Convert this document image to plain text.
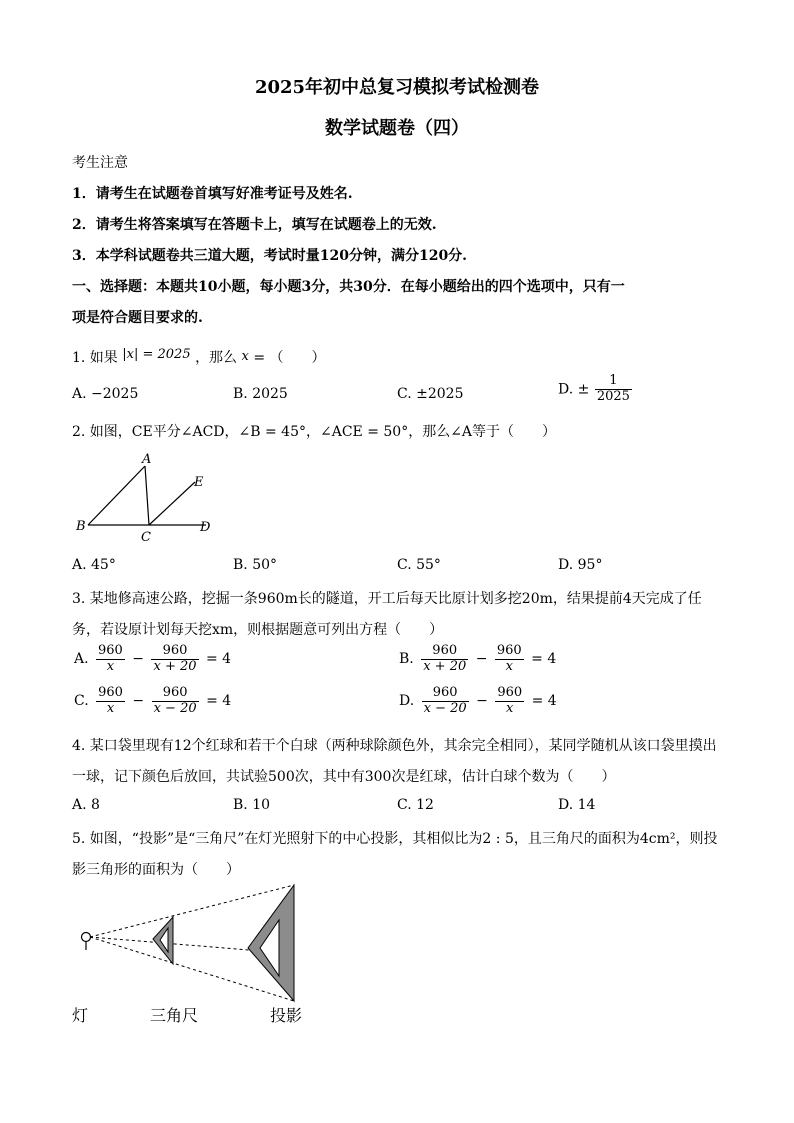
2025年初中总复习模拟考试检测卷
数学试题卷（四）
考生注意
1．请考生在试题卷首填写好准考证号及姓名.
2．请考生将答案填写在答题卡上，填写在试题卷上的无效.
3．本学科试题卷共三道大题，考试时量120分钟，满分120分.
一、选择题：本题共10小题，每小题3分，共30分．在每小题给出的四个选项中，只有一
项是符合题目要求的.
1. 如果 |x| = 2025 ，那么 x = （　　）
A. −2025	B. 2025	C. ±2025	D. ± $\frac{1}{2025}$
2. 如图，CE平分∠ACD，∠B = 45°，∠ACE = 50°，那么∠A等于（　　）
A
B
C
D
E
A. 45°	B. 50°	C. 55°	D. 95°
3. 某地修高速公路，挖掘一条960m长的隧道，开工后每天比原计划多挖20m，结果提前4天完成了任
务，若设原计划每天挖xm，则根据题意可列出方程（　　）
A. $\frac{960}{x} - \frac{960}{x + 20} = 4$	B. $\frac{960}{x + 20} - \frac{960}{x} = 4$
C. $\frac{960}{x} - \frac{960}{x - 20} = 4$	D. $\frac{960}{x - 20} - \frac{960}{x} = 4$
4. 某口袋里现有12个红球和若干个白球（两种球除颜色外，其余完全相同），某同学随机从该口袋里摸出
一球，记下颜色后放回，共试验500次，其中有300次是红球，估计白球个数为（　　）
A. 8	B. 10	C. 12	D. 14
5. 如图，“投影”是“三角尺”在灯光照射下的中心投影，其相似比为2 : 5，且三角尺的面积为4cm²，则投
影三角形的面积为（　　）
灯	三角尺	投影
